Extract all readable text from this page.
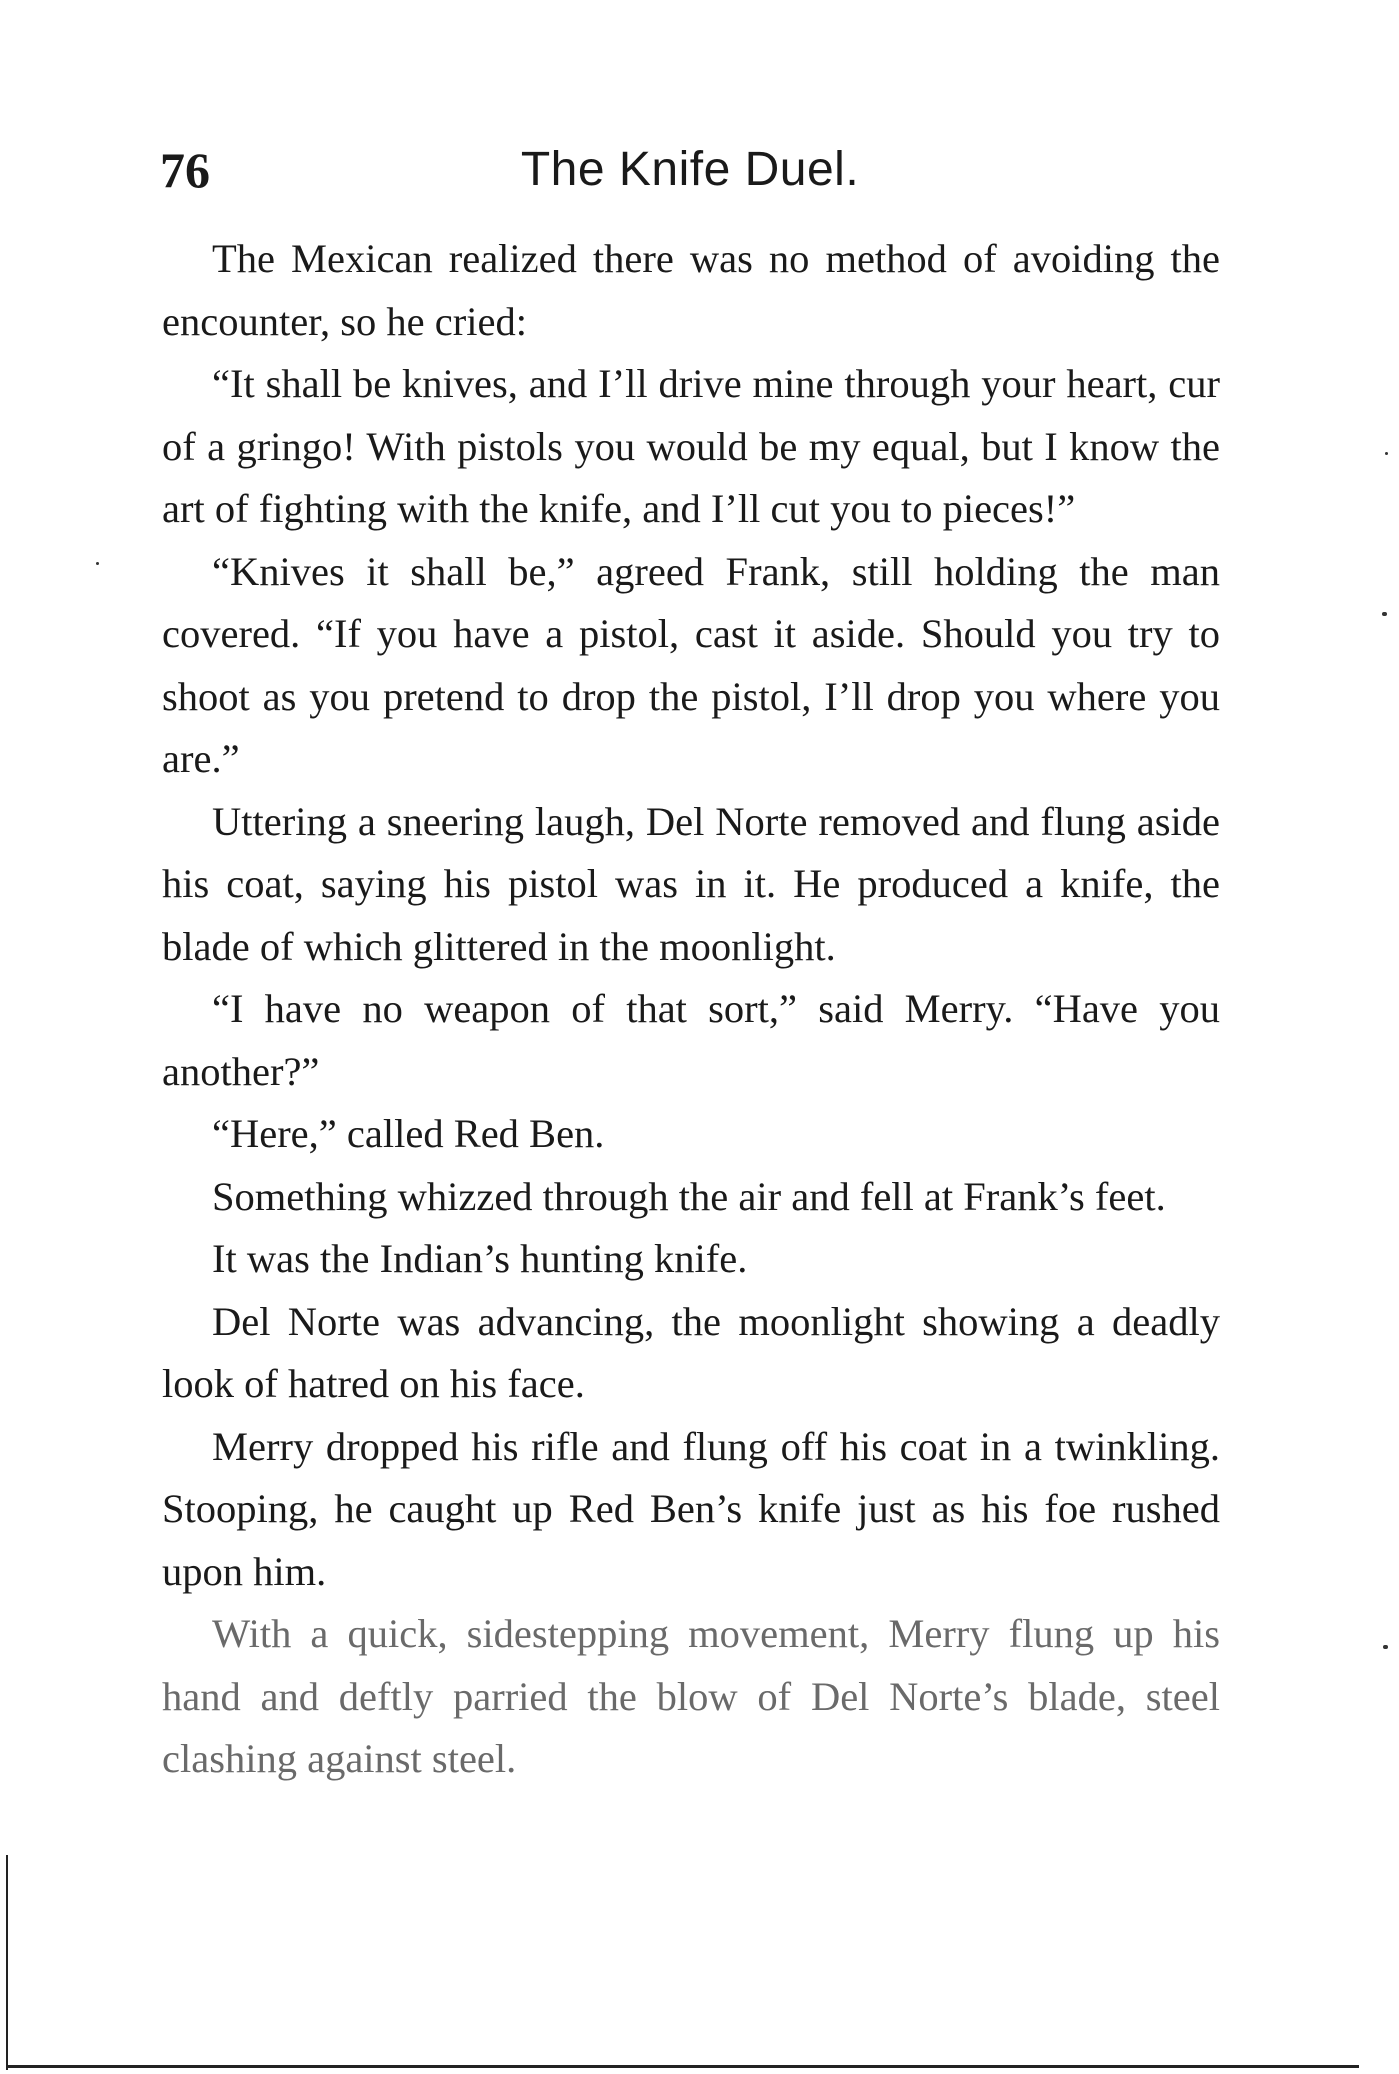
76	The Knife Duel.

The Mexican realized there was no method of avoiding the encounter, so he cried:

“It shall be knives, and I’ll drive mine through your heart, cur of a gringo! With pistols you would be my equal, but I know the art of fighting with the knife, and I’ll cut you to pieces!”

“Knives it shall be,” agreed Frank, still holding the man covered. “If you have a pistol, cast it aside. Should you try to shoot as you pretend to drop the pistol, I’ll drop you where you are.”

Uttering a sneering laugh, Del Norte removed and flung aside his coat, saying his pistol was in it. He produced a knife, the blade of which glittered in the moonlight.

“I have no weapon of that sort,” said Merry. “Have you another?”

“Here,” called Red Ben.

Something whizzed through the air and fell at Frank’s feet.

It was the Indian’s hunting knife.

Del Norte was advancing, the moonlight showing a deadly look of hatred on his face.

Merry dropped his rifle and flung off his coat in a twinkling. Stooping, he caught up Red Ben’s knife just as his foe rushed upon him.

With a quick, sidestepping movement, Merry flung up his hand and deftly parried the blow of Del Norte’s blade, steel clashing against steel.
